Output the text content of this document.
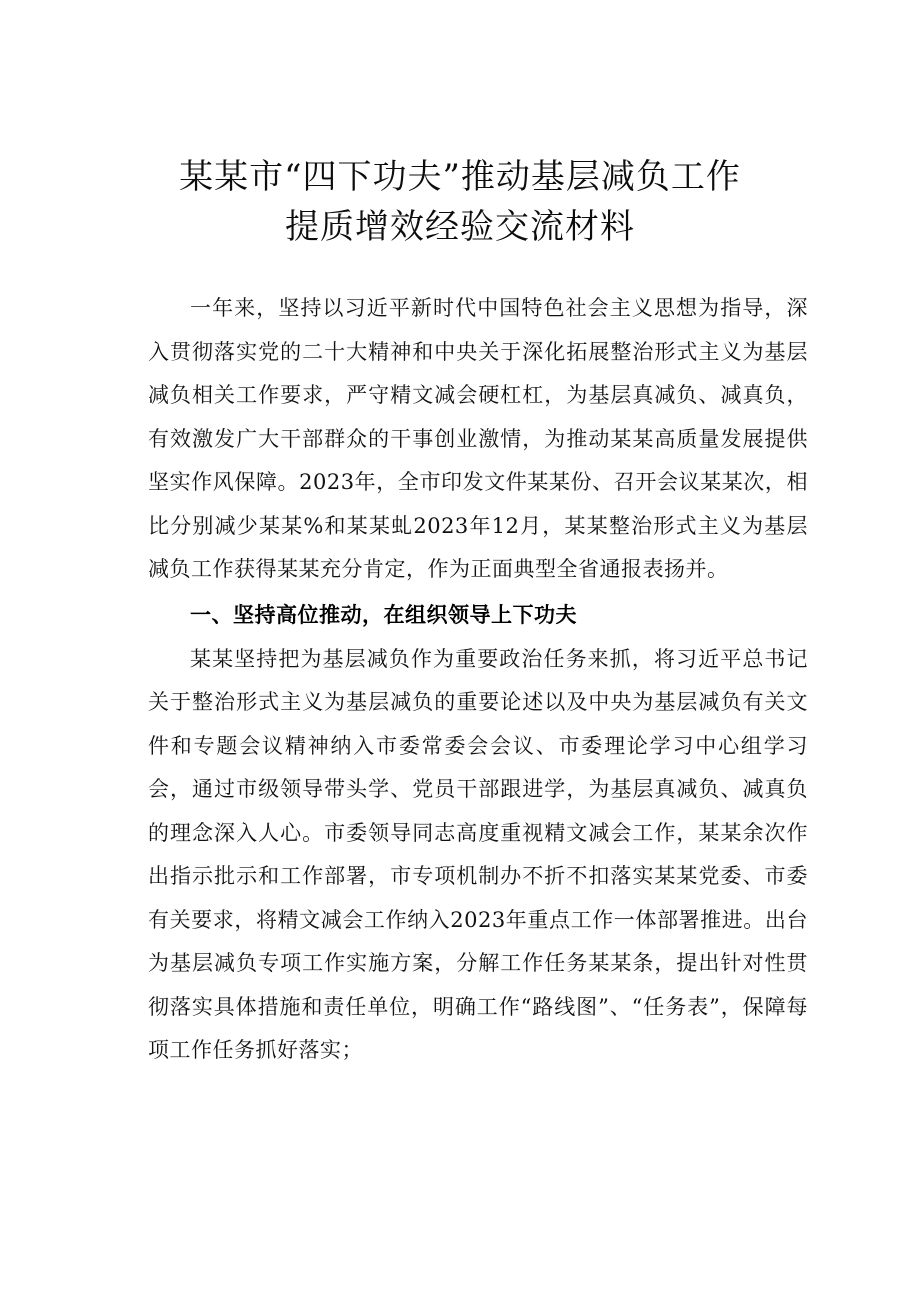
某某市“四下功夫”推动基层减负工作
提质增效经验交流材料

一年来，坚持以习近平新时代中国特色社会主义思想为指导，深入贯彻落实党的二十大精神和中央关于深化拓展整治形式主义为基层减负相关工作要求，严守精文减会硬杠杠，为基层真减负、减真负，有效激发广大干部群众的干事创业激情，为推动某某高质量发展提供坚实作风保障。2023年，全市印发文件某某份、召开会议某某次，相比分别减少某某%和某某虬2023年12月，某某整治形式主义为基层减负工作获得某某充分肯定，作为正面典型全省通报表扬并。

一、坚持高位推动，在组织领导上下功夫

某某坚持把为基层减负作为重要政治任务来抓，将习近平总书记关于整治形式主义为基层减负的重要论述以及中央为基层减负有关文件和专题会议精神纳入市委常委会会议、市委理论学习中心组学习会，通过市级领导带头学、党员干部跟进学，为基层真减负、减真负的理念深入人心。市委领导同志高度重视精文减会工作，某某余次作出指示批示和工作部署，市专项机制办不折不扣落实某某党委、市委有关要求，将精文减会工作纳入2023年重点工作一体部署推进。出台为基层减负专项工作实施方案，分解工作任务某某条，提出针对性贯彻落实具体措施和责任单位，明确工作“路线图”、“任务表”，保障每项工作任务抓好落实；
